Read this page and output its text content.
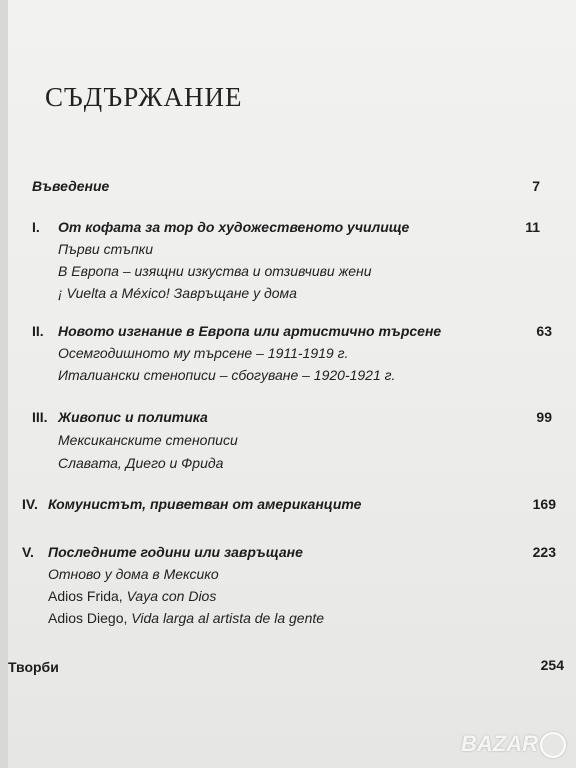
СЪДЪРЖАНИЕ
Въведение	7
I. От кофата за тор до художественото училище	11
Първи стъпки
В Европа – изящни изкуства и отзивчиви жени
¡ Vuelta a México! Завръщане у дома
II. Новото изгнание в Европа или артистично търсене	63
Осемгодишното му търсене – 1911-1919 г.
Италиански стенописи – сбогуване – 1920-1921 г.
III. Живопис и политика	99
Мексиканските стенописи
Славата, Диего и Фрида
IV. Комунистът, приветван от американците	169
V. Последните години или завръщане	223
Отново у дома в Мексико
Adios Frida, Vaya con Dios
Adios Diego, Vida larga al artista de la gente
Творби	254
BAZAR
